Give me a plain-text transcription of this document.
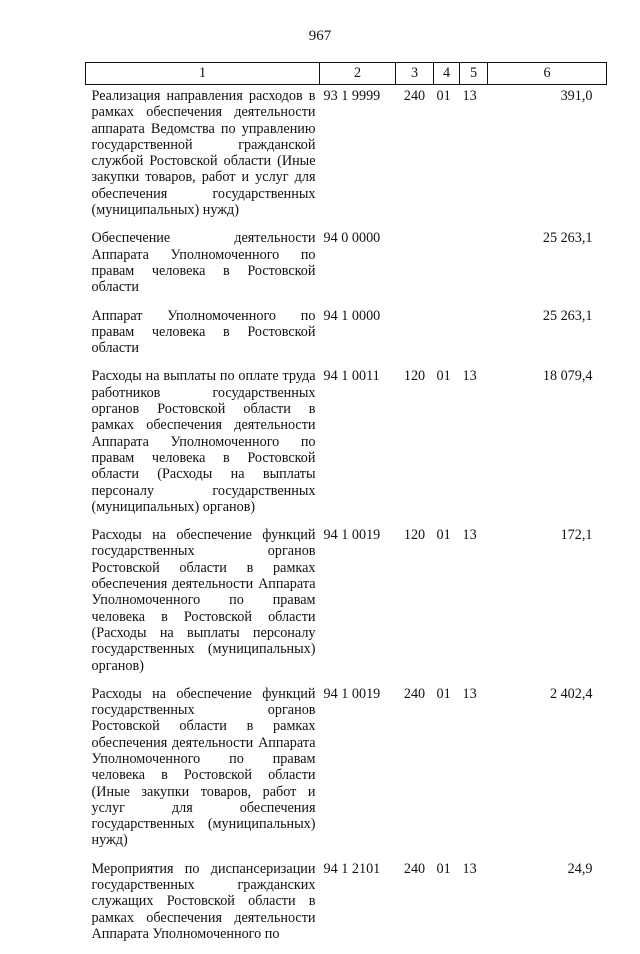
967
1	2	3	4	5	6
Реализация направления расходов в рамках обеспечения деятельности аппарата Ведомства по управлению государственной гражданской службой Ростовской области (Иные закупки товаров, работ и услуг для обеспечения государственных (муниципальных) нужд)	93 1 9999	240	01	13	391,0
Обеспечение деятельности Аппарата Уполномоченного по правам человека в Ростовской области	94 0 0000				25 263,1
Аппарат Уполномоченного по правам человека в Ростовской области	94 1 0000				25 263,1
Расходы на выплаты по оплате труда работников государственных органов Ростовской области в рамках обеспечения деятельности Аппарата Уполномоченного по правам человека в Ростовской области (Расходы на выплаты персоналу государственных (муниципальных) органов)	94 1 0011	120	01	13	18 079,4
Расходы на обеспечение функций государственных органов Ростовской области в рамках обеспечения деятельности Аппарата Уполномоченного по правам человека в Ростовской области (Расходы на выплаты персоналу государственных (муниципальных) органов)	94 1 0019	120	01	13	172,1
Расходы на обеспечение функций государственных органов Ростовской области в рамках обеспечения деятельности Аппарата Уполномоченного по правам человека в Ростовской области (Иные закупки товаров, работ и услуг для обеспечения государственных (муниципальных) нужд)	94 1 0019	240	01	13	2 402,4
Мероприятия по диспансеризации государственных гражданских служащих Ростовской области в рамках обеспечения деятельности Аппарата Уполномоченного по	94 1 2101	240	01	13	24,9
